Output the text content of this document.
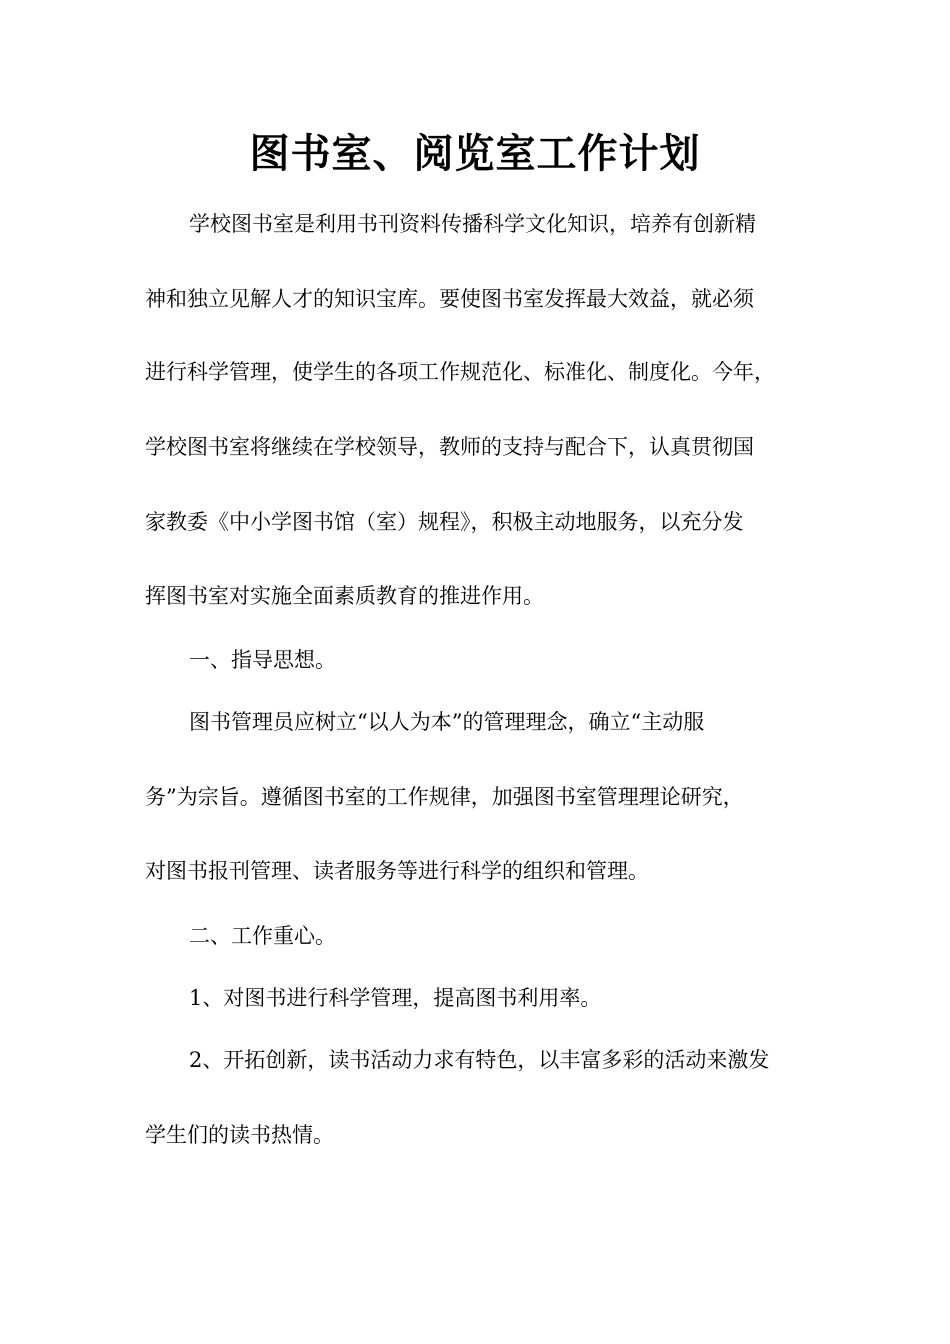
图书室、阅览室工作计划
学校图书室是利用书刊资料传播科学文化知识，培养有创新精
神和独立见解人才的知识宝库。要使图书室发挥最大效益，就必须
进行科学管理，使学生的各项工作规范化、标准化、制度化。今年，
学校图书室将继续在学校领导，教师的支持与配合下，认真贯彻国
家教委《中小学图书馆（室）规程》，积极主动地服务，以充分发
挥图书室对实施全面素质教育的推进作用。
一、指导思想。
图书管理员应树立“以人为本”的管理理念，确立“主动服
务”为宗旨。遵循图书室的工作规律，加强图书室管理理论研究，
对图书报刊管理、读者服务等进行科学的组织和管理。
二、工作重心。
1、对图书进行科学管理，提高图书利用率。
2、开拓创新，读书活动力求有特色，以丰富多彩的活动来激发
学生们的读书热情。
